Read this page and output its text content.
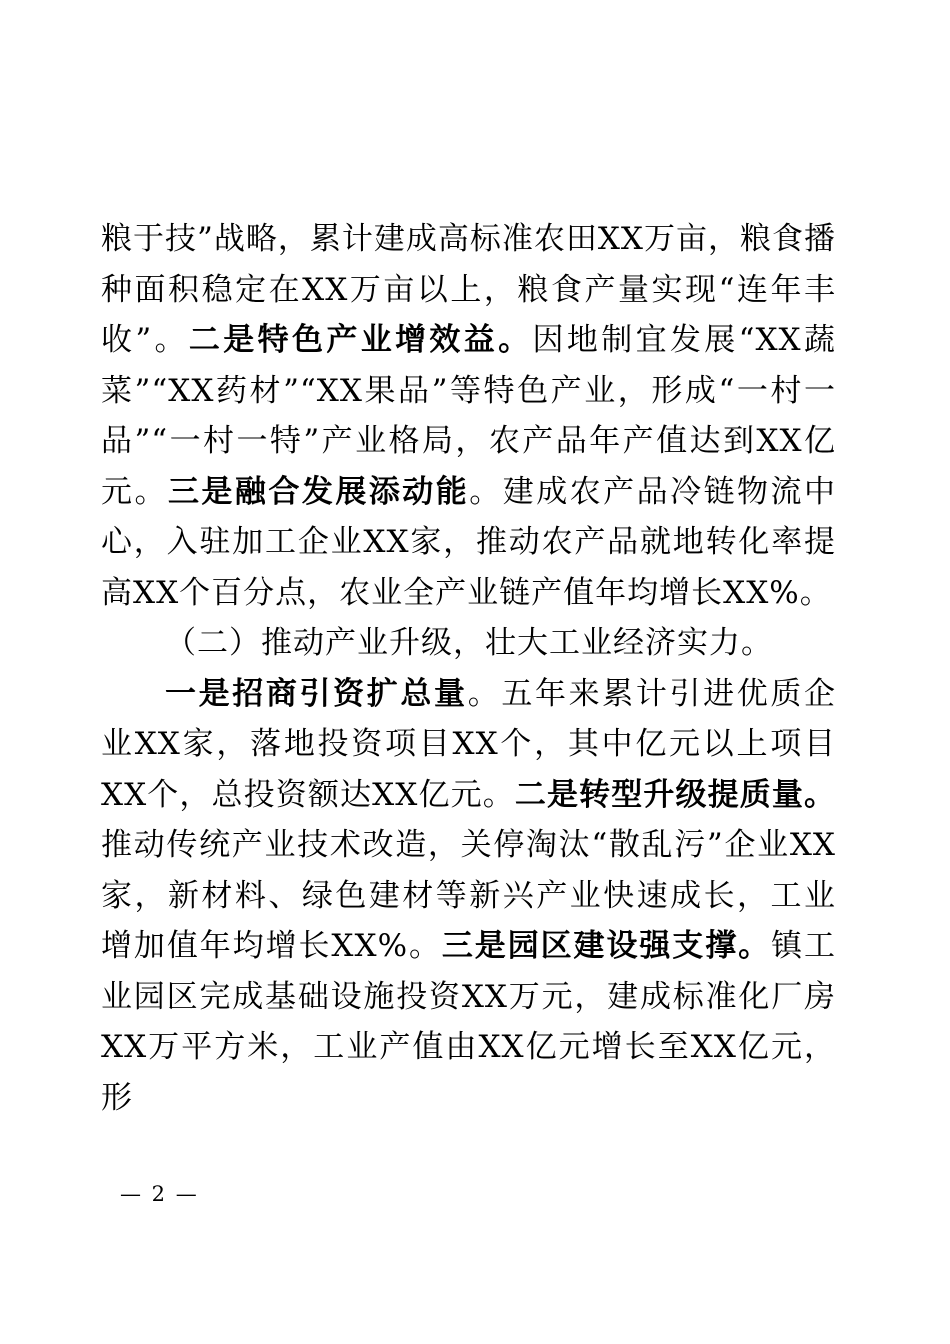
粮于技”战略，累计建成高标准农田XX万亩，粮食播种面积稳定在XX万亩以上，粮食产量实现“连年丰收”。二是特色产业增效益。因地制宜发展“XX蔬菜”“XX药材”“XX果品”等特色产业，形成“一村一品”“一村一特”产业格局，农产品年产值达到XX亿元。三是融合发展添动能。建成农产品冷链物流中心，入驻加工企业XX家，推动农产品就地转化率提高XX个百分点，农业全产业链产值年均增长XX%。

（二）推动产业升级，壮大工业经济实力。

一是招商引资扩总量。五年来累计引进优质企业XX家，落地投资项目XX个，其中亿元以上项目XX个，总投资额达XX亿元。二是转型升级提质量。推动传统产业技术改造，关停淘汰“散乱污”企业XX家，新材料、绿色建材等新兴产业快速成长，工业增加值年均增长XX%。三是园区建设强支撑。镇工业园区完成基础设施投资XX万元，建成标准化厂房XX万平方米，工业产值由XX亿元增长至XX亿元，形

— 2 —
